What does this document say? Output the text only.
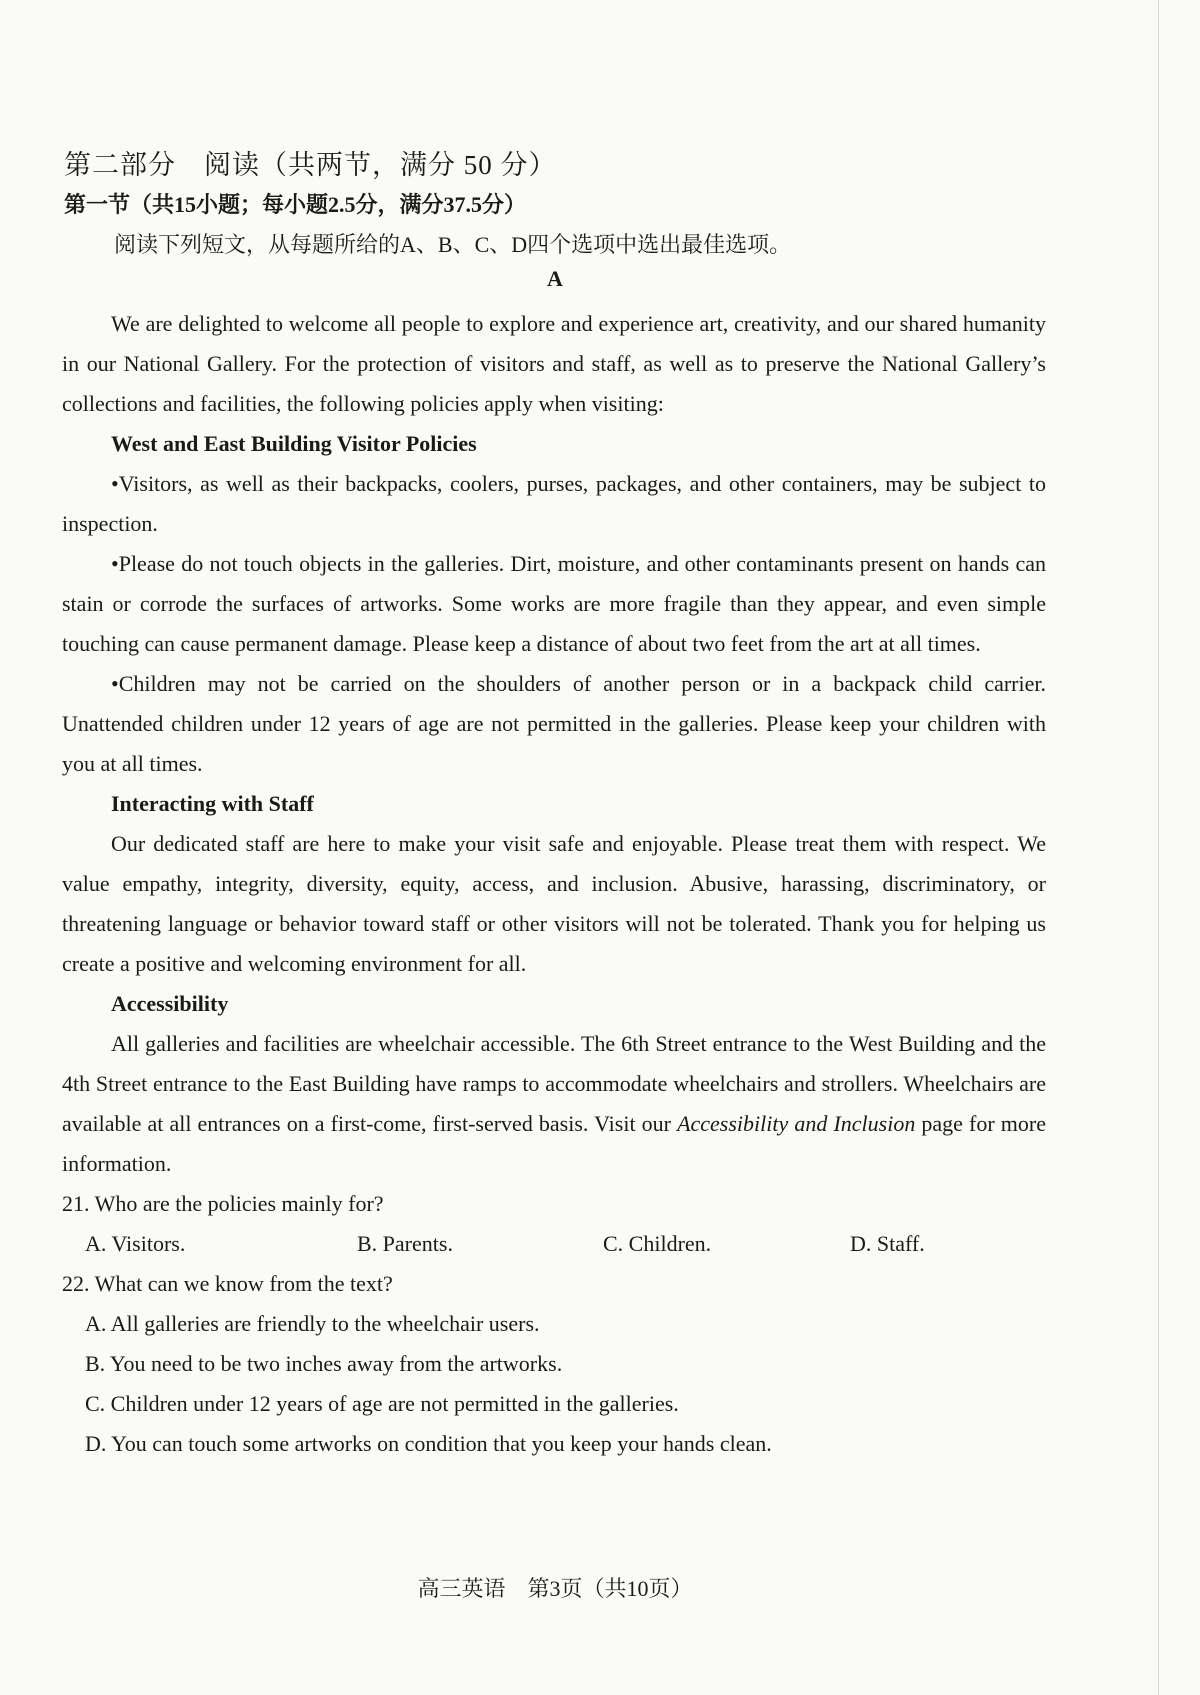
第二部分　阅读（共两节，满分 50 分）
第一节（共15小题；每小题2.5分，满分37.5分）
阅读下列短文，从每题所给的A、B、C、D四个选项中选出最佳选项。
A

We are delighted to welcome all people to explore and experience art, creativity, and our shared humanity in our National Gallery. For the protection of visitors and staff, as well as to preserve the National Gallery’s collections and facilities, the following policies apply when visiting:

West and East Building Visitor Policies

•Visitors, as well as their backpacks, coolers, purses, packages, and other containers, may be subject to inspection.

•Please do not touch objects in the galleries. Dirt, moisture, and other contaminants present on hands can stain or corrode the surfaces of artworks. Some works are more fragile than they appear, and even simple touching can cause permanent damage. Please keep a distance of about two feet from the art at all times.

•Children may not be carried on the shoulders of another person or in a backpack child carrier. Unattended children under 12 years of age are not permitted in the galleries. Please keep your children with you at all times.

Interacting with Staff

Our dedicated staff are here to make your visit safe and enjoyable. Please treat them with respect. We value empathy, integrity, diversity, equity, access, and inclusion. Abusive, harassing, discriminatory, or threatening language or behavior toward staff or other visitors will not be tolerated. Thank you for helping us create a positive and welcoming environment for all.

Accessibility

All galleries and facilities are wheelchair accessible. The 6th Street entrance to the West Building and the 4th Street entrance to the East Building have ramps to accommodate wheelchairs and strollers. Wheelchairs are available at all entrances on a first-come, first-served basis. Visit our Accessibility and Inclusion page for more information.

21. Who are the policies mainly for?

A. Visitors.	B. Parents.	C. Children.	D. Staff.

22. What can we know from the text?

A. All galleries are friendly to the wheelchair users.

B. You need to be two inches away from the artworks.

C. Children under 12 years of age are not permitted in the galleries.

D. You can touch some artworks on condition that you keep your hands clean.

高三英语　第3页（共10页）
